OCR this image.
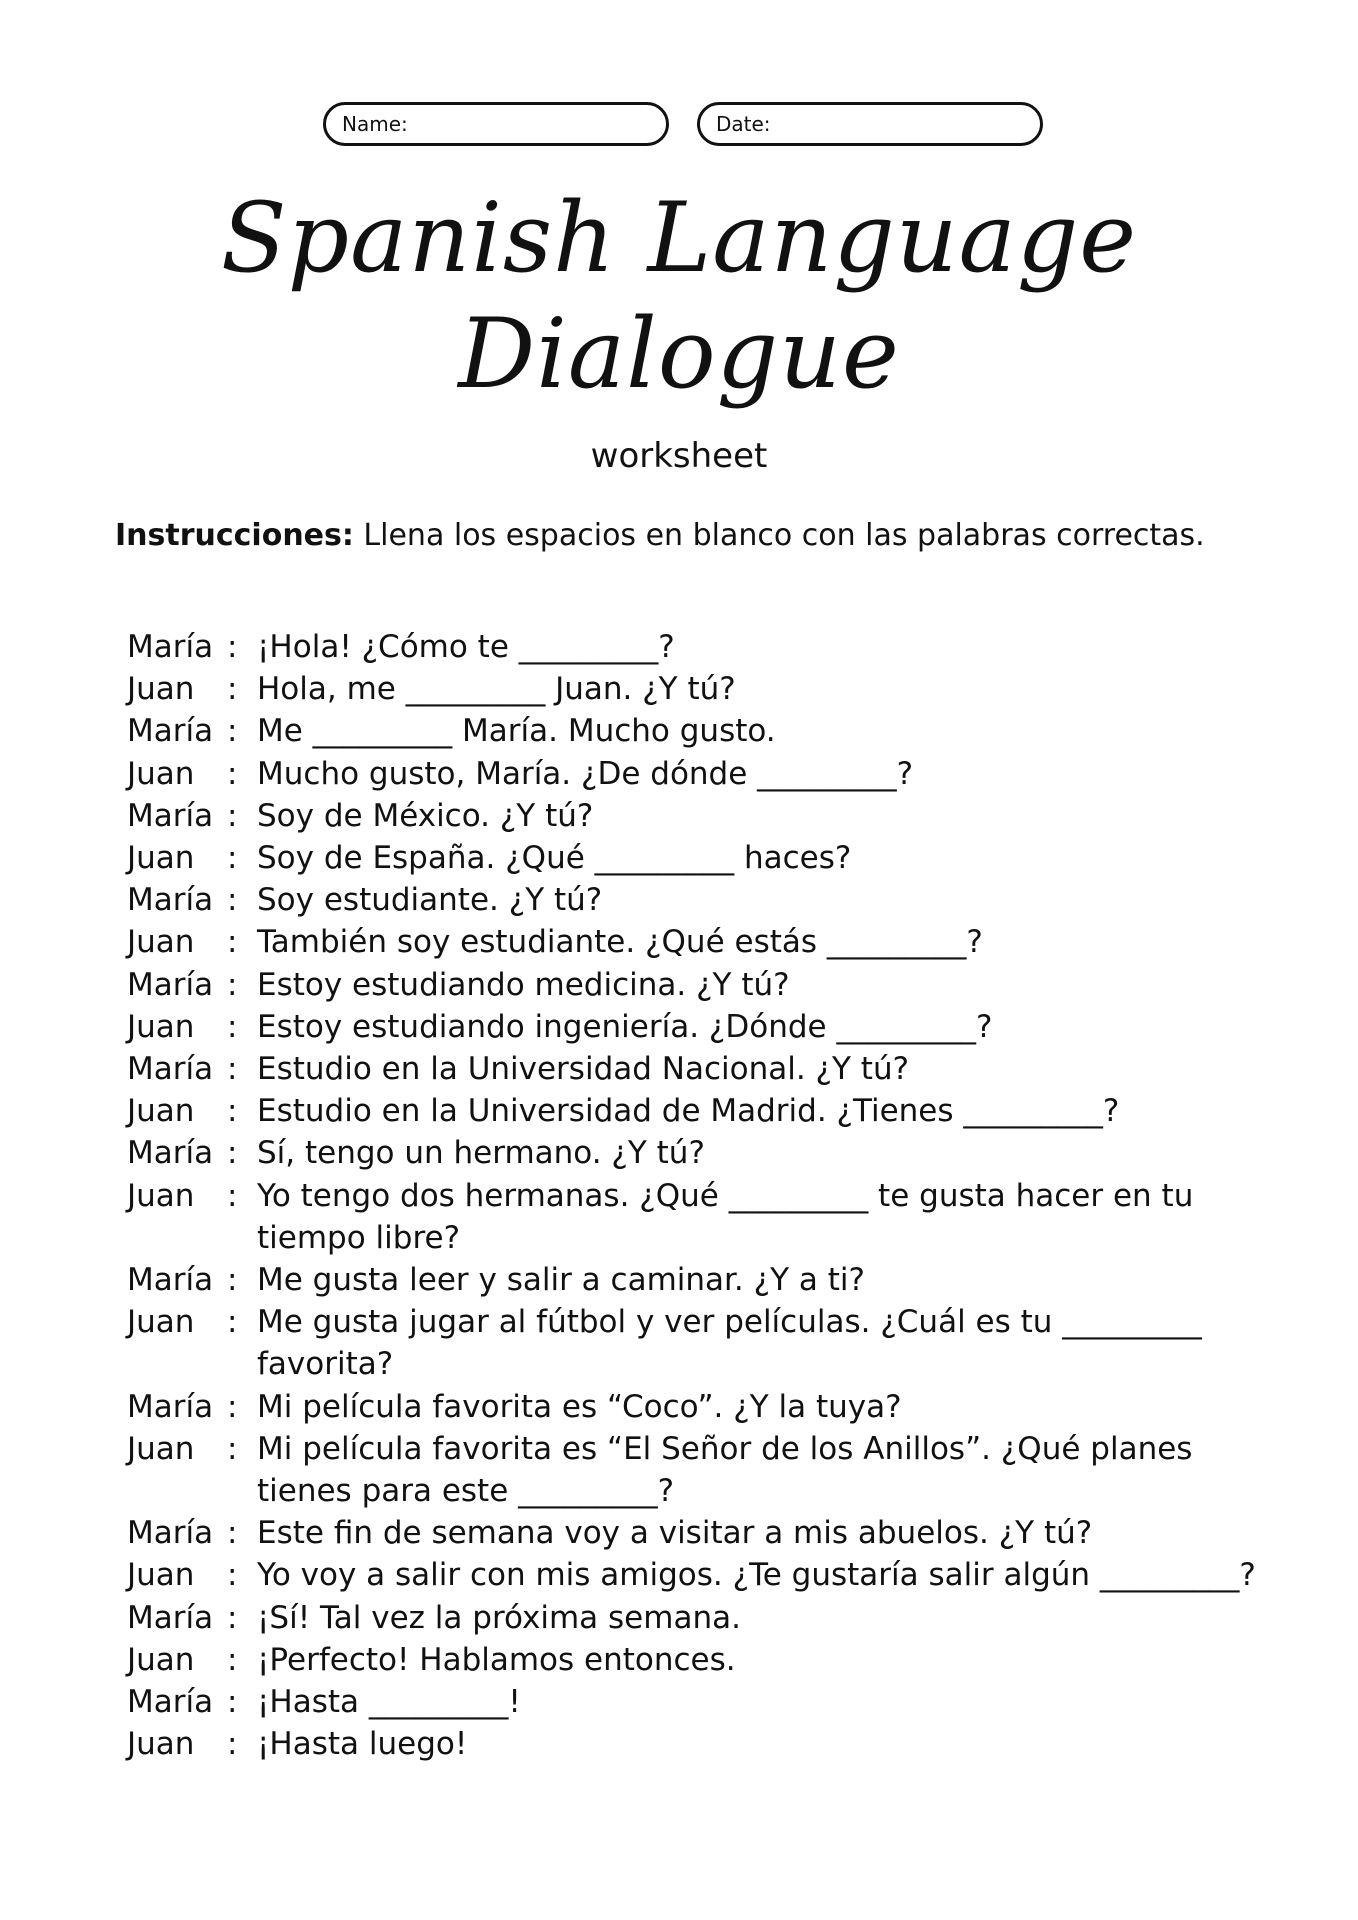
Name:	Date:
Spanish Language
Dialogue
worksheet
Instrucciones: Llena los espacios en blanco con las palabras correctas.
María : ¡Hola! ¿Cómo te _________?
Juan	: Hola, me _________ Juan. ¿Y tú?
María : Me _________ María. Mucho gusto.
Juan	: Mucho gusto, María. ¿De dónde _________?
María : Soy de México. ¿Y tú?
Juan	: Soy de España. ¿Qué _________ haces?
María : Soy estudiante. ¿Y tú?
Juan	: También soy estudiante. ¿Qué estás _________?
María : Estoy estudiando medicina. ¿Y tú?
Juan	: Estoy estudiando ingeniería. ¿Dónde _________?
María : Estudio en la Universidad Nacional. ¿Y tú?
Juan	: Estudio en la Universidad de Madrid. ¿Tienes _________?
María : Sí, tengo un hermano. ¿Y tú?
Juan	: Yo tengo dos hermanas. ¿Qué _________ te gusta hacer en tu tiempo libre?
María : Me gusta leer y salir a caminar. ¿Y a ti?
Juan	: Me gusta jugar al fútbol y ver películas. ¿Cuál es tu _________ favorita?
María : Mi película favorita es “Coco”. ¿Y la tuya?
Juan	: Mi película favorita es “El Señor de los Anillos”. ¿Qué planes tienes para este _________?
María : Este fin de semana voy a visitar a mis abuelos. ¿Y tú?
Juan	: Yo voy a salir con mis amigos. ¿Te gustaría salir algún _________?
María : ¡Sí! Tal vez la próxima semana.
Juan	: ¡Perfecto! Hablamos entonces.
María : ¡Hasta _________!
Juan	: ¡Hasta luego!
